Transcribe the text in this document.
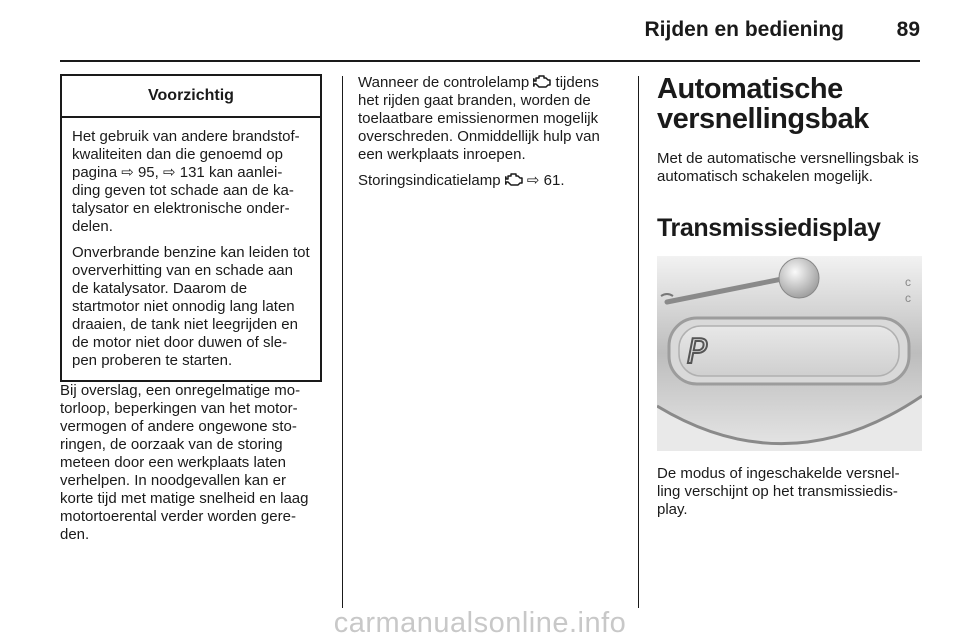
Rijden en bediening	89
Voorzichtig

Het gebruik van andere brandstof-kwaliteiten dan die genoemd op pagina ⇨ 95, ⇨ 131 kan aanlei-ding geven tot schade aan de ka-talysator en elektronische onder-delen.

Onverbrande benzine kan leiden tot oververhitting van en schade aan de katalysator. Daarom de startmotor niet onnodig lang laten draaien, de tank niet leegrijden en de motor niet door duwen of sle-pen proberen te starten.

Bij overslag, een onregelmatige mo-torloop, beperkingen van het motor-vermogen of andere ongewone sto-ringen, de oorzaak van de storing meteen door een werkplaats laten verhelpen. In noodgevallen kan er korte tijd met matige snelheid en laag motortoerental verder worden gere-den.

Wanneer de controlelamp  tijdens het rijden gaat branden, worden de toelaatbare emissienormen mogelijk overschreden. Onmiddellijk hulp van een werkplaats inroepen.

Storingsindicatielamp  ⇨ 61.

Automatische versnellingsbak

Met de automatische versnellingsbak is automatisch schakelen mogelijk.

Transmissiedisplay
c
c
P

De modus of ingeschakelde versnel-ling verschijnt op het transmissiedis-play.

carmanualsonline.info
